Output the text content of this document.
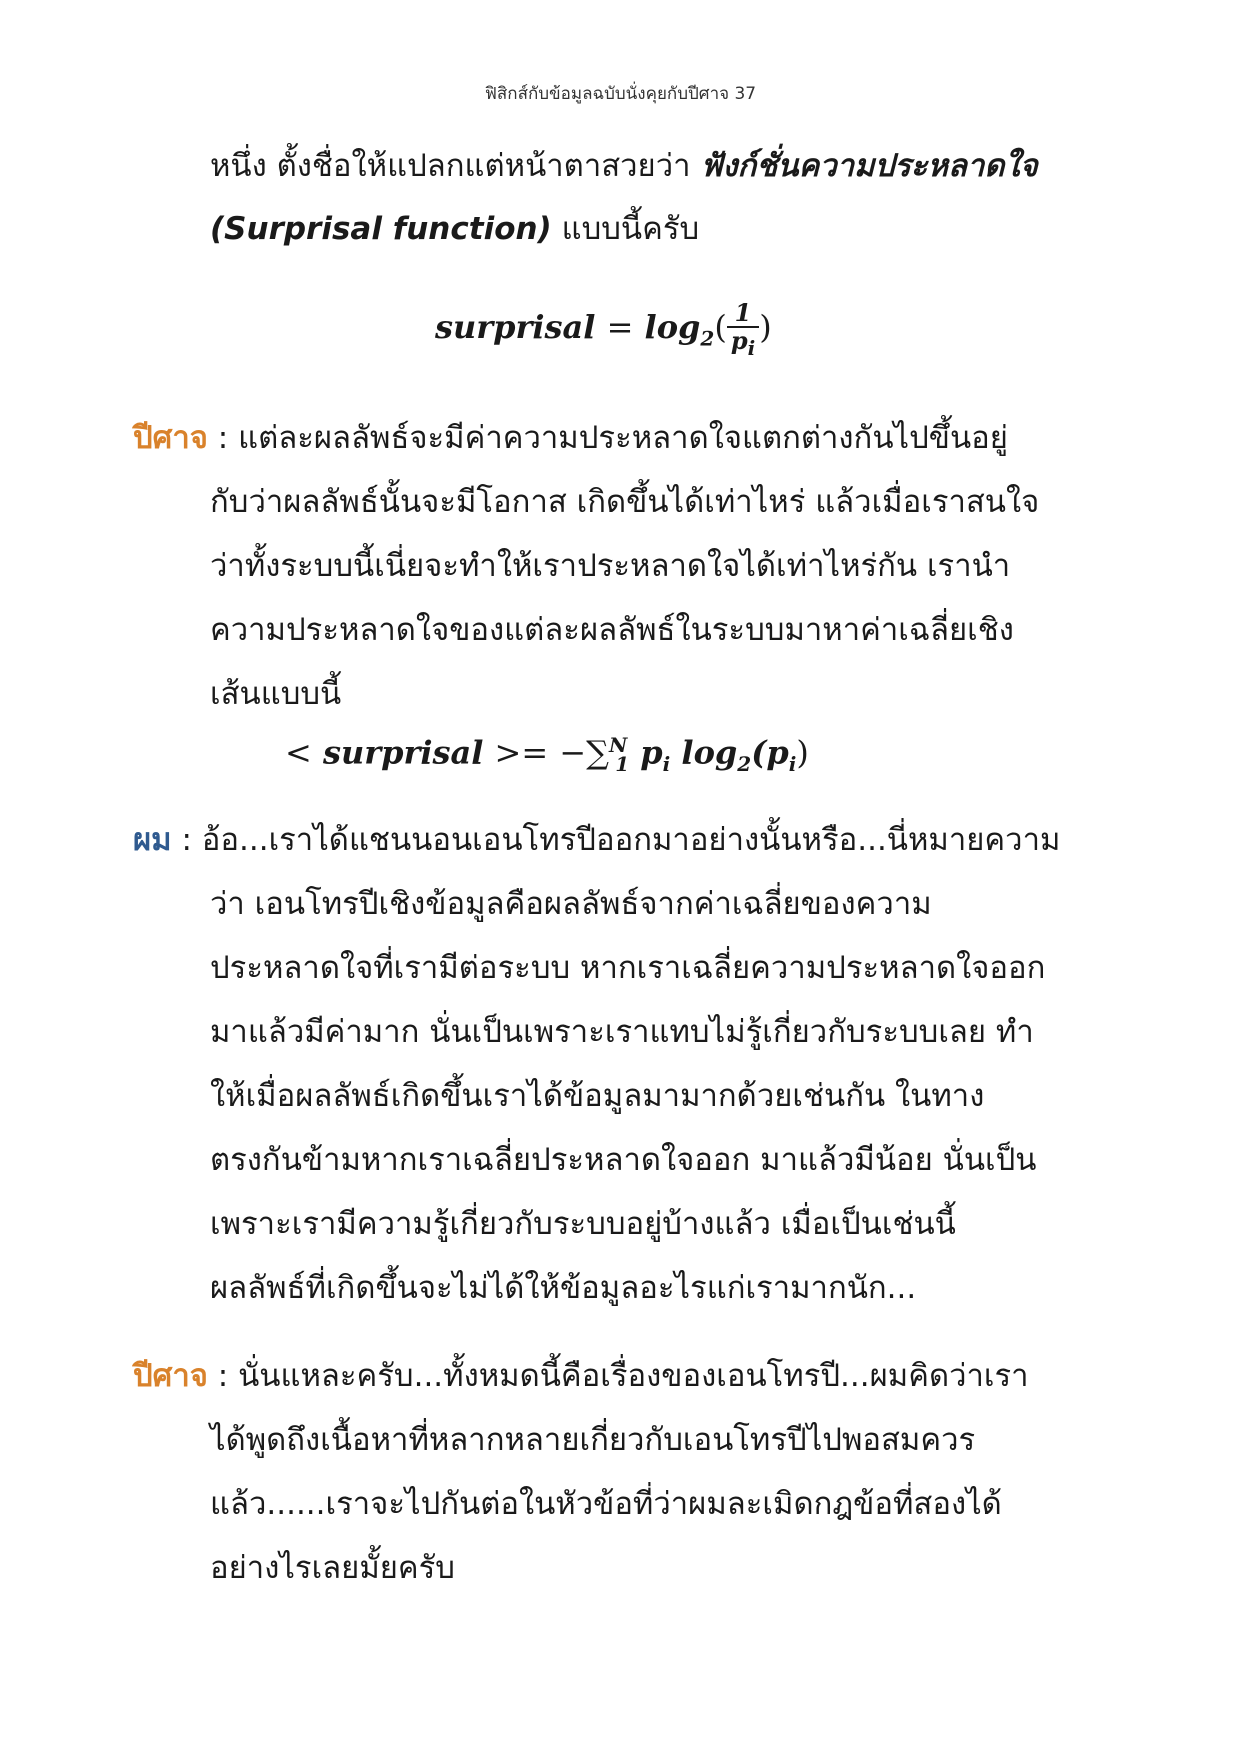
ฟิสิกส์กับข้อมูลฉบับนั่งคุยกับปีศาจ 37
หนึ่ง ตั้งชื่อให้แปลกแต่หน้าตาสวยว่า ฟังก์ชั่นความประหลาดใจ
(Surprisal function) แบบนี้ครับ
surprisal = $\log_2( \frac{1}{p_i}$ )
ปีศาจ : แต่ละผลลัพธ์จะมีค่าความประหลาดใจแตกต่างกันไปขึ้นอยู่
กับว่าผลลัพธ์นั้นจะมีโอกาส เกิดขึ้นได้เท่าไหร่ แล้วเมื่อเราสนใจ
ว่าทั้งระบบนี้เนี่ยจะทำให้เราประหลาดใจได้เท่าไหร่กัน เรานำ
ความประหลาดใจของแต่ละผลลัพธ์ในระบบมาหาค่าเฉลี่ยเชิง
เส้นแบบนี้
< surprisal >= −∑$^N_1$ $p_i$ $\log_2(p_i)$
ผม : อ้อ...เราได้แชนนอนเอนโทรปีออกมาอย่างนั้นหรือ...นี่หมายความ
ว่า เอนโทรปีเชิงข้อมูลคือผลลัพธ์จากค่าเฉลี่ยของความ
ประหลาดใจที่เรามีต่อระบบ หากเราเฉลี่ยความประหลาดใจออก
มาแล้วมีค่ามาก นั่นเป็นเพราะเราแทบไม่รู้เกี่ยวกับระบบเลย ทำ
ให้เมื่อผลลัพธ์เกิดขึ้นเราได้ข้อมูลมามากด้วยเช่นกัน ในทาง
ตรงกันข้ามหากเราเฉลี่ยประหลาดใจออก มาแล้วมีน้อย นั่นเป็น
เพราะเรามีความรู้เกี่ยวกับระบบอยู่บ้างแล้ว เมื่อเป็นเช่นนี้
ผลลัพธ์ที่เกิดขึ้นจะไม่ได้ให้ข้อมูลอะไรแก่เรามากนัก...
ปีศาจ : นั่นแหละครับ...ทั้งหมดนี้คือเรื่องของเอนโทรปี...ผมคิดว่าเรา
ได้พูดถึงเนื้อหาที่หลากหลายเกี่ยวกับเอนโทรปีไปพอสมควร
แล้ว......เราจะไปกันต่อในหัวข้อที่ว่าผมละเมิดกฎข้อที่สองได้
อย่างไรเลยมั้ยครับ
